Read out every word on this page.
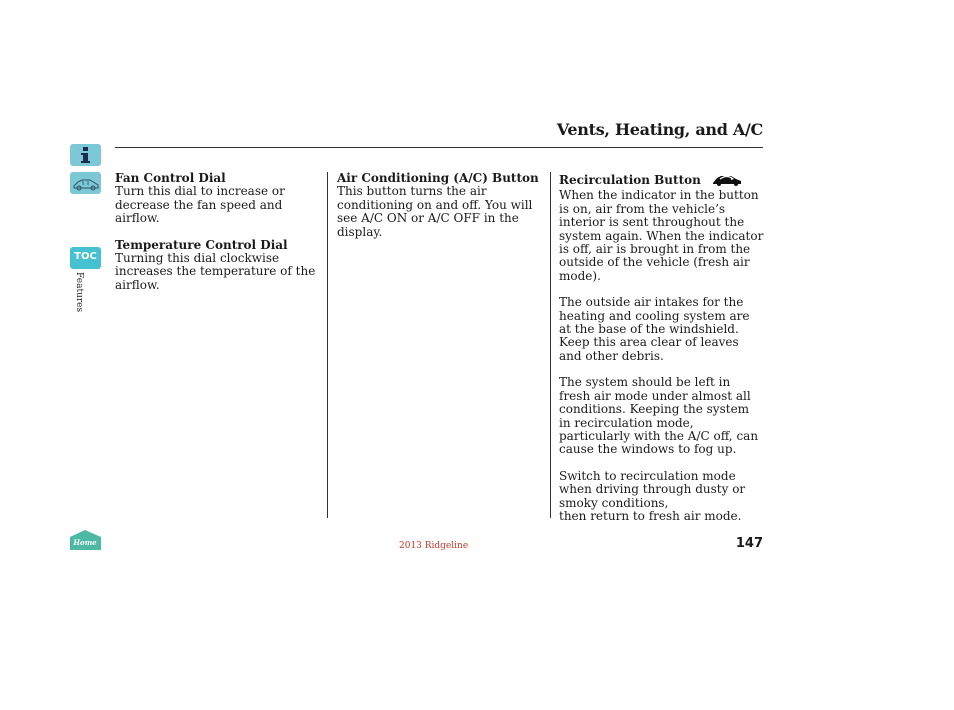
Vents, Heating, and A/C
TOC
Features
Home

Fan Control Dial

Turn this dial to increase or decrease the fan speed and airflow.

Temperature Control Dial

Turning this dial clockwise increases the temperature of the airflow.

Air Conditioning (A/C) Button

This button turns the air conditioning on and off. You will see A/C ON or A/C OFF in the display.

Recirculation Button

When the indicator in the button is on, air from the vehicle’s interior is sent throughout the system again. When the indicator is off, air is brought in from the outside of the vehicle (fresh air mode).

The outside air intakes for the heating and cooling system are at the base of the windshield. Keep this area clear of leaves and other debris.

The system should be left in fresh air mode under almost all conditions. Keeping the system in recirculation mode, particularly with the A/C off, can cause the windows to fog up.

Switch to recirculation mode when driving through dusty or smoky conditions,

then return to fresh air mode.

147
2013 Ridgeline
